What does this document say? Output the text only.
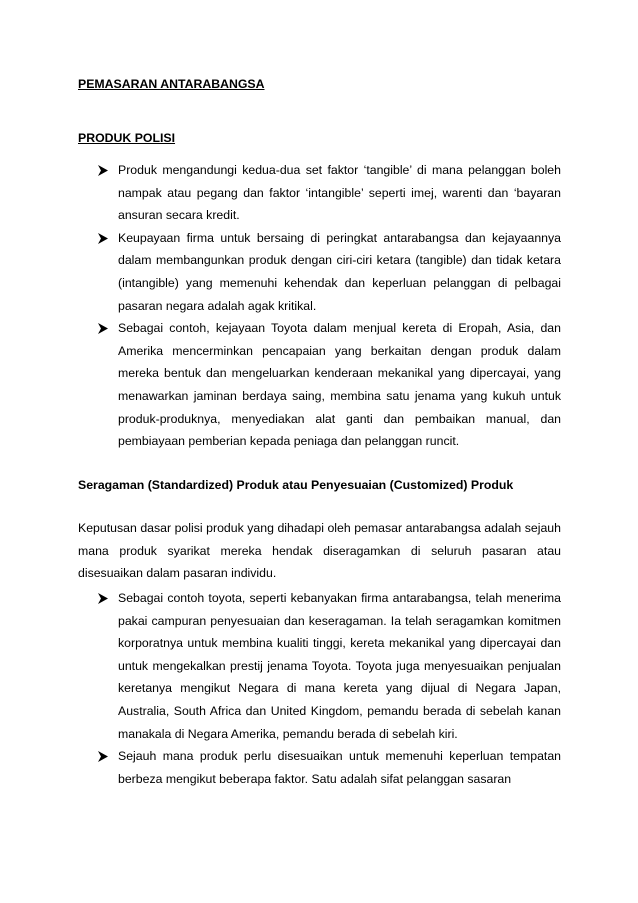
PEMASARAN ANTARABANGSA
PRODUK POLISI
Produk mengandungi kedua-dua set faktor ‘tangible’ di mana pelanggan boleh nampak atau pegang dan faktor ‘intangible’ seperti imej, warenti dan ‘bayaran ansuran secara kredit.
Keupayaan firma untuk bersaing di peringkat antarabangsa dan kejayaannya dalam membangunkan produk dengan ciri-ciri ketara (tangible) dan tidak ketara (intangible) yang memenuhi kehendak dan keperluan pelanggan di pelbagai pasaran negara adalah agak kritikal.
Sebagai contoh, kejayaan Toyota dalam menjual kereta di Eropah, Asia, dan Amerika mencerminkan pencapaian yang berkaitan dengan produk dalam mereka bentuk dan mengeluarkan kenderaan mekanikal yang dipercayai, yang menawarkan jaminan berdaya saing, membina satu jenama yang kukuh untuk produk-produknya, menyediakan alat ganti dan pembaikan manual, dan pembiayaan pemberian kepada peniaga dan pelanggan runcit.
Seragaman (Standardized) Produk atau Penyesuaian (Customized) Produk
Keputusan dasar polisi produk yang dihadapi oleh pemasar antarabangsa adalah sejauh mana produk syarikat mereka hendak diseragamkan di seluruh pasaran atau disesuaikan dalam pasaran individu.
Sebagai contoh toyota, seperti kebanyakan firma antarabangsa, telah menerima pakai campuran penyesuaian dan keseragaman. Ia telah seragamkan komitmen korporatnya untuk membina kualiti tinggi, kereta mekanikal yang dipercayai dan untuk mengekalkan prestij jenama Toyota. Toyota juga menyesuaikan penjualan keretanya mengikut Negara di mana kereta yang dijual di Negara Japan, Australia, South Africa dan United Kingdom, pemandu berada di sebelah kanan manakala di Negara Amerika, pemandu berada di sebelah kiri.
Sejauh mana produk perlu disesuaikan untuk memenuhi keperluan tempatan berbeza mengikut beberapa faktor. Satu adalah sifat pelanggan sasaran
